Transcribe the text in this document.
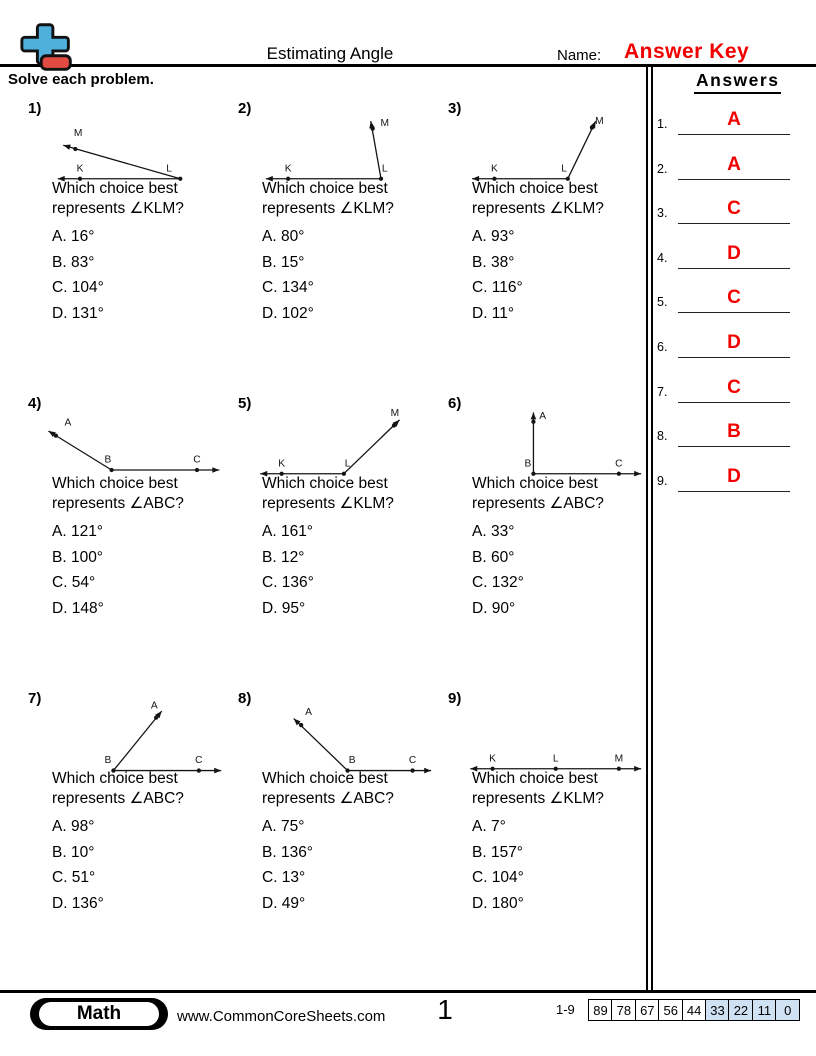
Estimating Angle	Name: Answer Key
Solve each problem.
1)
K	L
M
Which choice best
represents ∠KLM?
A. 16°
B. 83°
C. 104°
D. 131°
2)
K	L
M
Which choice best
represents ∠KLM?
A. 80°
B. 15°
C. 134°
D. 102°
3)
K	L
M
Which choice best
represents ∠KLM?
A. 93°
B. 38°
C. 116°
D. 11°
4)
B	C
A
Which choice best
represents ∠ABC?
A. 121°
B. 100°
C. 54°
D. 148°
5)
K	L
M
Which choice best
represents ∠KLM?
A. 161°
B. 12°
C. 136°
D. 95°
6)
B
A
C
Which choice best
represents ∠ABC?
A. 33°
B. 60°
C. 132°
D. 90°
7)
B	C
A
Which choice best
represents ∠ABC?
A. 98°
B. 10°
C. 51°
D. 136°
8)
B	C
A
Which choice best
represents ∠ABC?
A. 75°
B. 136°
C. 13°
D. 49°
9)
K	L	M
Which choice best
represents ∠KLM?
A. 7°
B. 157°
C. 104°
D. 180°
Answers
1.	A
2.	A
3.	C
4.	D
5.	C
6.	D
7.	C
8.	B
9.	D
Math	www.CommonCoreSheets.com	1	1-9	89 78 67 56 44 33 22 11	0
